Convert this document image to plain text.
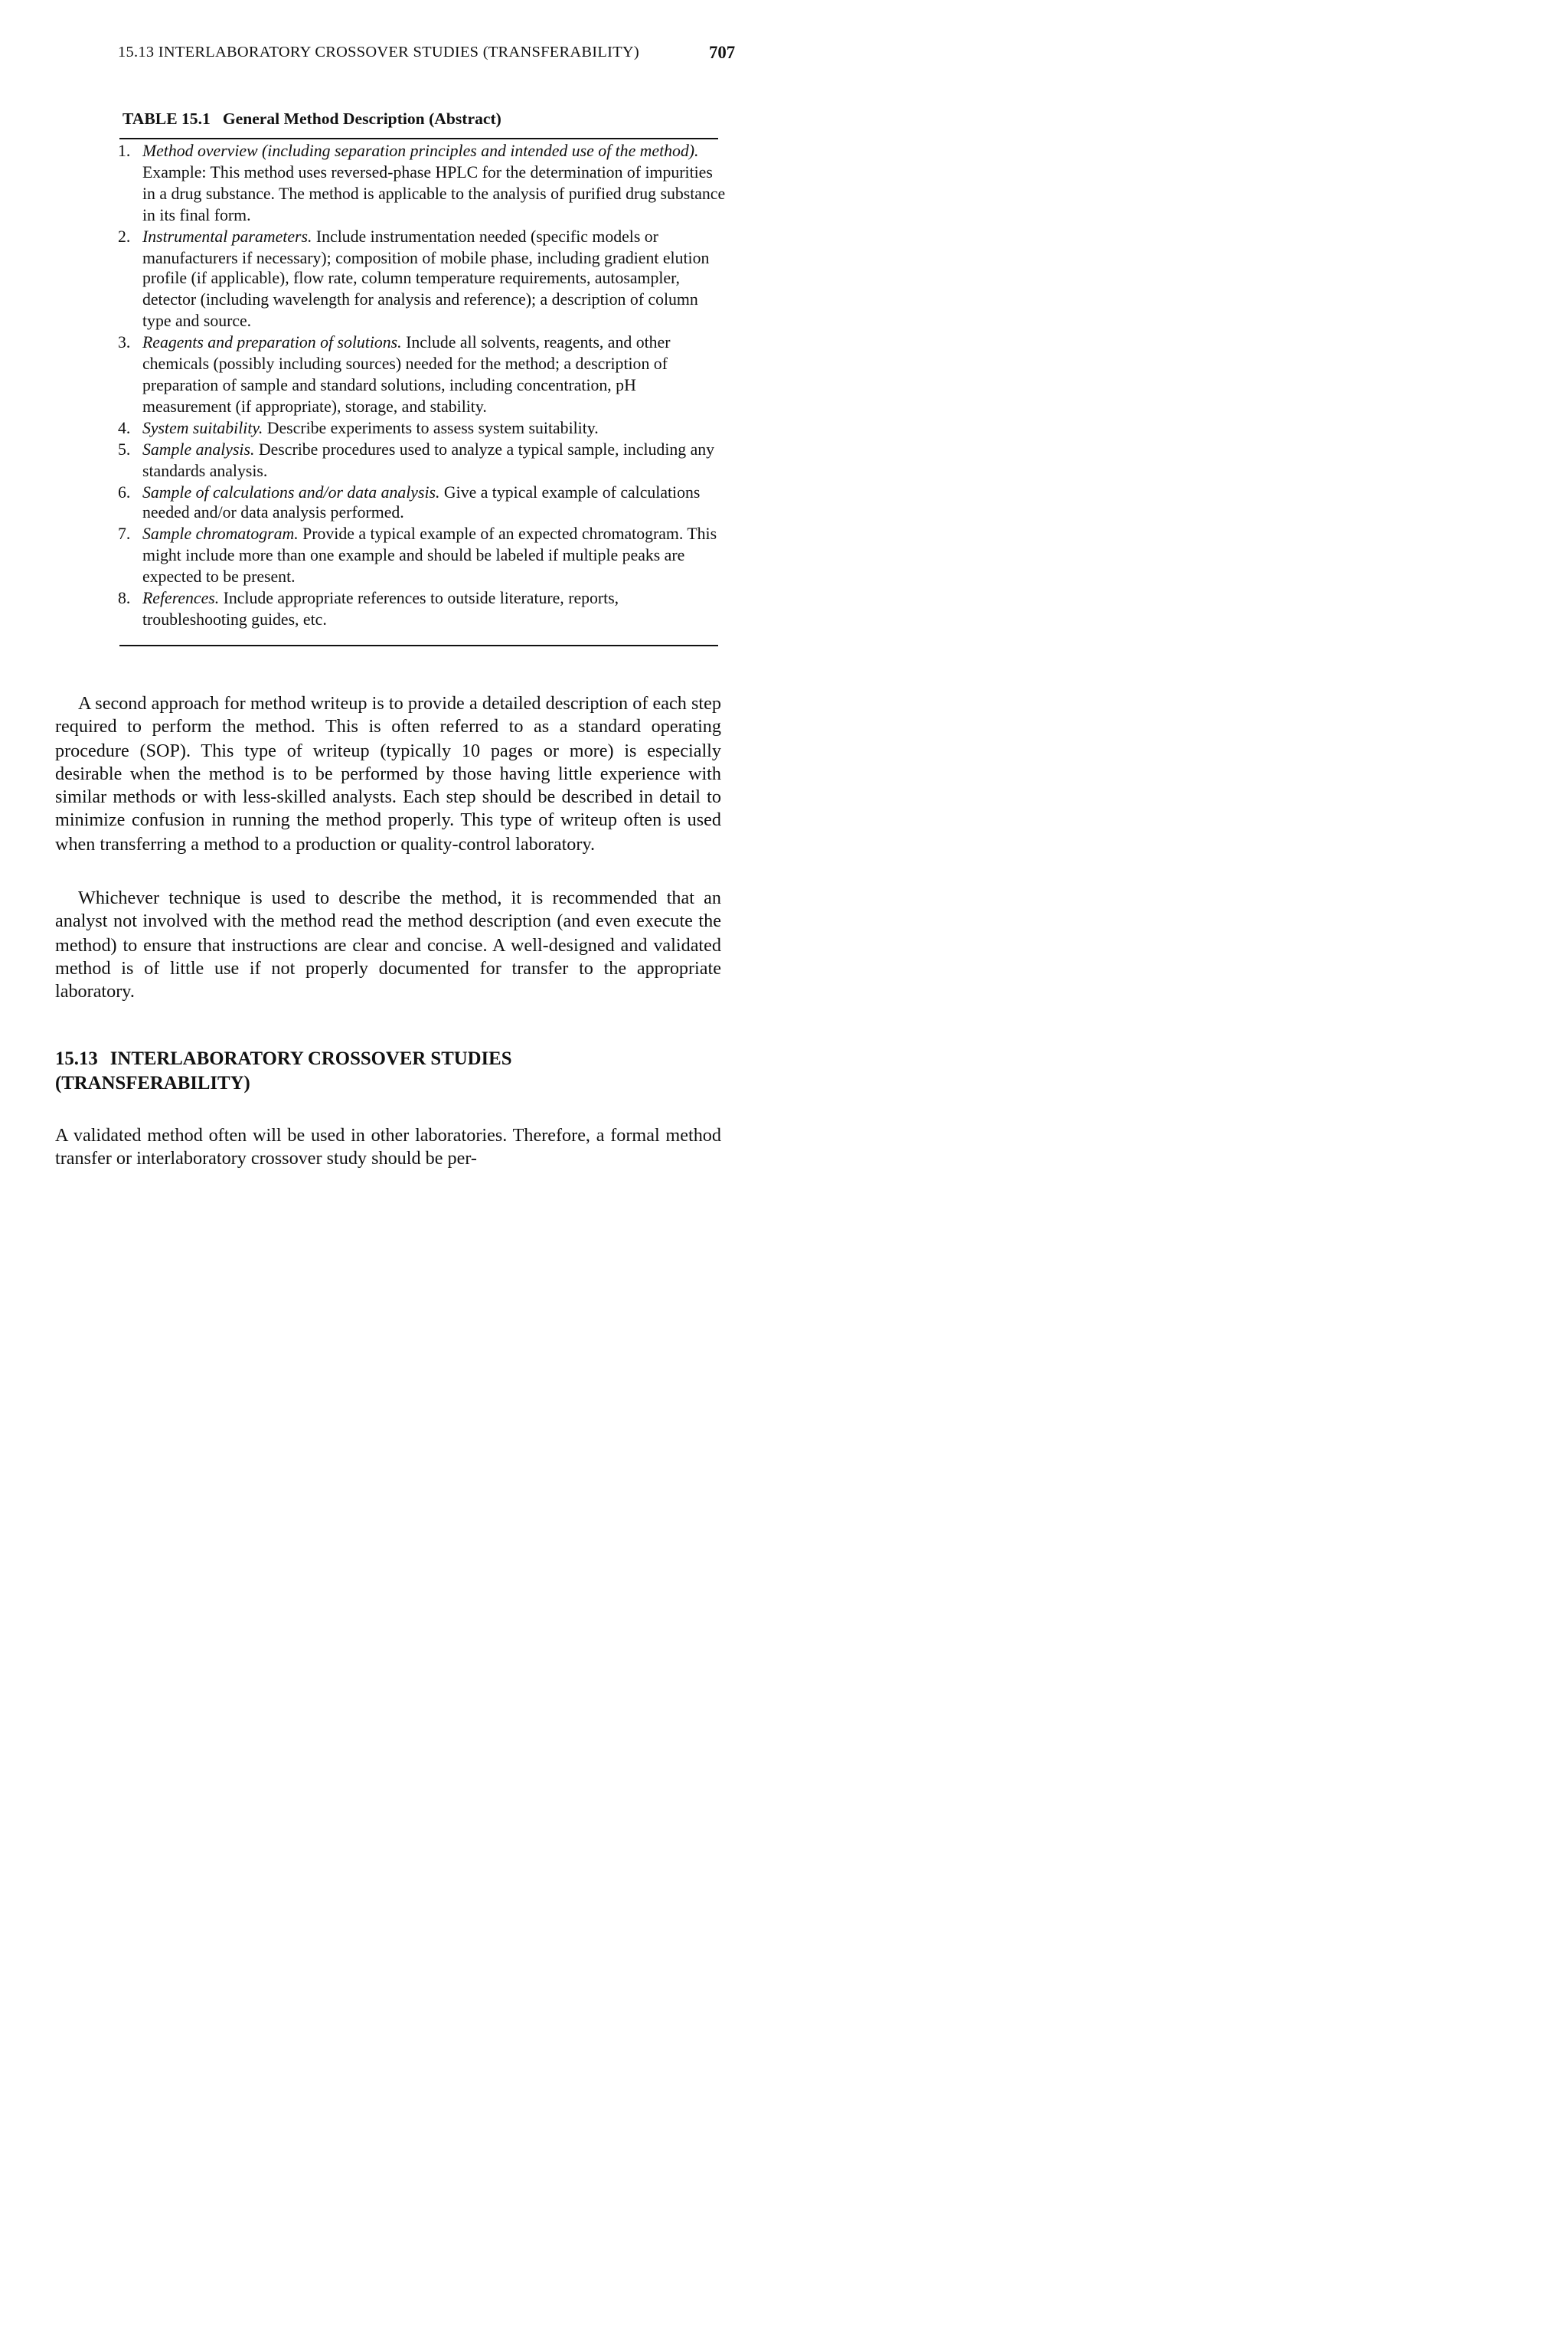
15.13 INTERLABORATORY CROSSOVER STUDIES (TRANSFERABILITY)	707
TABLE 15.1 General Method Description (Abstract)
1. Method overview (including separation principles and intended use of the method). Example: This method uses reversed-phase HPLC for the determination of impurities in a drug substance. The method is applicable to the analysis of purified drug substance in its final form.
2. Instrumental parameters. Include instrumentation needed (specific models or manufacturers if necessary); composition of mobile phase, including gradient elution profile (if applicable), flow rate, column temperature requirements, autosampler, detector (including wavelength for analysis and reference); a description of column type and source.
3. Reagents and preparation of solutions. Include all solvents, reagents, and other chemicals (possibly including sources) needed for the method; a description of preparation of sample and standard solutions, including concentration, pH measurement (if appropriate), storage, and stability.
4. System suitability. Describe experiments to assess system suitability.
5. Sample analysis. Describe procedures used to analyze a typical sample, including any standards analysis.
6. Sample of calculations and/or data analysis. Give a typical example of calculations needed and/or data analysis performed.
7. Sample chromatogram. Provide a typical example of an expected chromatogram. This might include more than one example and should be labeled if multiple peaks are expected to be present.
8. References. Include appropriate references to outside literature, reports, troubleshooting guides, etc.

A second approach for method writeup is to provide a detailed description of each step required to perform the method. This is often referred to as a standard operating procedure (SOP). This type of writeup (typically 10 pages or more) is especially desirable when the method is to be performed by those having little experience with similar methods or with less-skilled analysts. Each step should be described in detail to minimize confusion in running the method properly. This type of writeup often is used when transferring a method to a production or quality-control laboratory.

Whichever technique is used to describe the method, it is recommended that an analyst not involved with the method read the method description (and even execute the method) to ensure that instructions are clear and concise. A well-designed and validated method is of little use if not properly documented for transfer to the appropriate laboratory.

15.13 INTERLABORATORY CROSSOVER STUDIES (TRANSFERABILITY)

A validated method often will be used in other laboratories. Therefore, a formal method transfer or interlaboratory crossover study should be per-
